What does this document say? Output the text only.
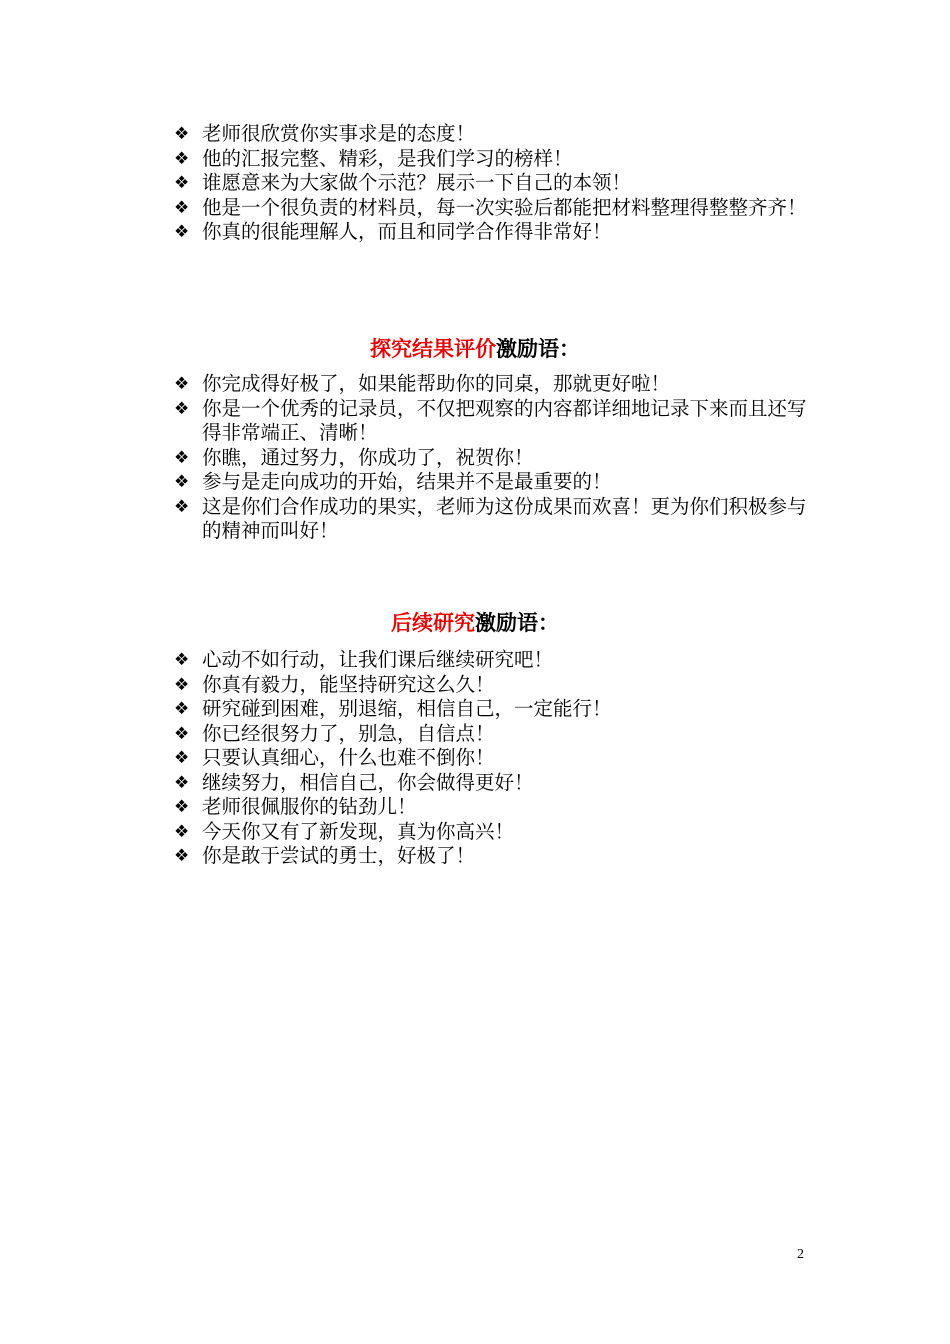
❖ 老师很欣赏你实事求是的态度！
❖ 他的汇报完整、精彩，是我们学习的榜样！
❖ 谁愿意来为大家做个示范？展示一下自己的本领！
❖ 他是一个很负责的材料员，每一次实验后都能把材料整理得整整齐齐！
❖ 你真的很能理解人，而且和同学合作得非常好！
探究结果评价激励语：
❖ 你完成得好极了，如果能帮助你的同桌，那就更好啦！
❖ 你是一个优秀的记录员，不仅把观察的内容都详细地记录下来而且还写得非常端正、清晰！
❖ 你瞧，通过努力，你成功了，祝贺你！
❖ 参与是走向成功的开始，结果并不是最重要的！
❖ 这是你们合作成功的果实，老师为这份成果而欢喜！更为你们积极参与的精神而叫好！
后续研究激励语：
❖ 心动不如行动，让我们课后继续研究吧！
❖ 你真有毅力，能坚持研究这么久！
❖ 研究碰到困难，别退缩，相信自己，一定能行！
❖ 你已经很努力了，别急，自信点！
❖ 只要认真细心，什么也难不倒你！
❖ 继续努力，相信自己，你会做得更好！
❖ 老师很佩服你的钻劲儿！
❖ 今天你又有了新发现，真为你高兴！
❖ 你是敢于尝试的勇士，好极了！
2
